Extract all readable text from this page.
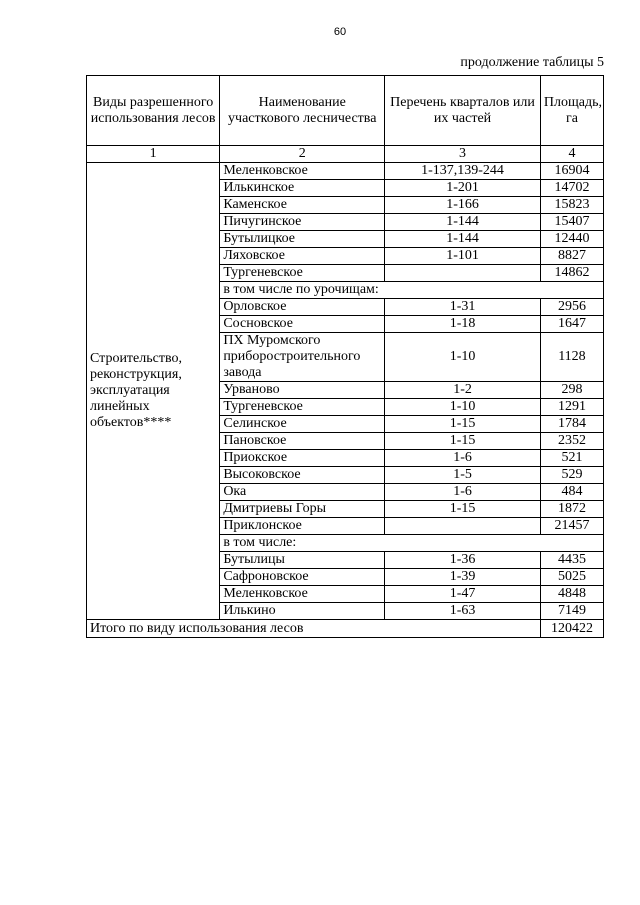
60
продолжение таблицы 5
Виды разрешенного использования лесов	Наименование участкового лесничества	Перечень кварталов или их частей	Площадь, га
1	2	3	4
Строительство, реконструкция, эксплуатация линейных объектов****	Меленковское	1-137,139-244	16904
	Илькинское	1-201	14702
	Каменское	1-166	15823
	Пичугинское	1-144	15407
	Бутылицкое	1-144	12440
	Ляховское	1-101	8827
	Тургеневское		14862
	в том числе по урочищам:		
	Орловское	1-31	2956
	Сосновское	1-18	1647
	ПХ Муромского приборостроительного завода	1-10	1128
	Урваново	1-2	298
	Тургеневское	1-10	1291
	Селинское	1-15	1784
	Пановское	1-15	2352
	Приокское	1-6	521
	Высоковское	1-5	529
	Ока	1-6	484
	Дмитриевы Горы	1-15	1872
	Приклонское		21457
	в том числе:		
	Бутылицы	1-36	4435
	Сафроновское	1-39	5025
	Меленковское	1-47	4848
	Илькино	1-63	7149
Итого по виду использования лесов			120422
